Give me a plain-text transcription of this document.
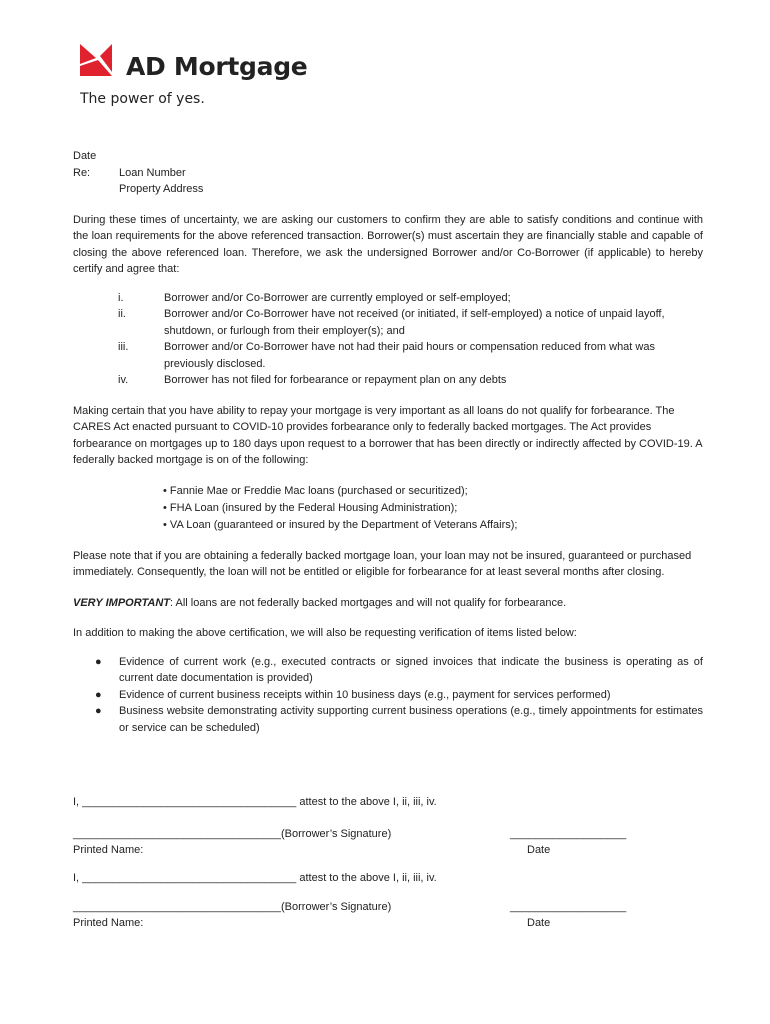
AD Mortgage
The power of yes.

Date

Re:	Loan Number
Property Address

During these times of uncertainty, we are asking our customers to confirm they are able to satisfy conditions and continue with the loan requirements for the above referenced transaction. Borrower(s) must ascertain they are financially stable and capable of closing the above referenced loan. Therefore, we ask the undersigned Borrower and/or Co-Borrower (if applicable) to hereby certify and agree that:

i.	Borrower and/or Co-Borrower are currently employed or self-employed;
ii.	Borrower and/or Co-Borrower have not received (or initiated, if self-employed) a notice of unpaid layoff, shutdown, or furlough from their employer(s); and
iii.	Borrower and/or Co-Borrower have not had their paid hours or compensation reduced from what was previously disclosed.
iv.	Borrower has not filed for forbearance or repayment plan on any debts

Making certain that you have ability to repay your mortgage is very important as all loans do not qualify for forbearance. The CARES Act enacted pursuant to COVID-10 provides forbearance only to federally backed mortgages. The Act provides forbearance on mortgages up to 180 days upon request to a borrower that has been directly or indirectly affected by COVID-19. A federally backed mortgage is on of the following:

• Fannie Mae or Freddie Mac loans (purchased or securitized);
• FHA Loan (insured by the Federal Housing Administration);
• VA Loan (guaranteed or insured by the Department of Veterans Affairs);

Please note that if you are obtaining a federally backed mortgage loan, your loan may not be insured, guaranteed or purchased immediately. Consequently, the loan will not be entitled or eligible for forbearance for at least several months after closing.

VERY IMPORTANT: All loans are not federally backed mortgages and will not qualify for forbearance.

In addition to making the above certification, we will also be requesting verification of items listed below:

●	Evidence of current work (e.g., executed contracts or signed invoices that indicate the business is operating as of current date documentation is provided)
●	Evidence of current business receipts within 10 business days (e.g., payment for services performed)
●	Business website demonstrating activity supporting current business operations (e.g., timely appointments for estimates or service can be scheduled)
I, ___________________________________ attest to the above I, ii, iii, iv.
__________________________________(Borrower’s Signature)	___________________
Printed Name:	Date
I, ___________________________________ attest to the above I, ii, iii, iv.
__________________________________(Borrower’s Signature)	___________________
Printed Name:	Date
